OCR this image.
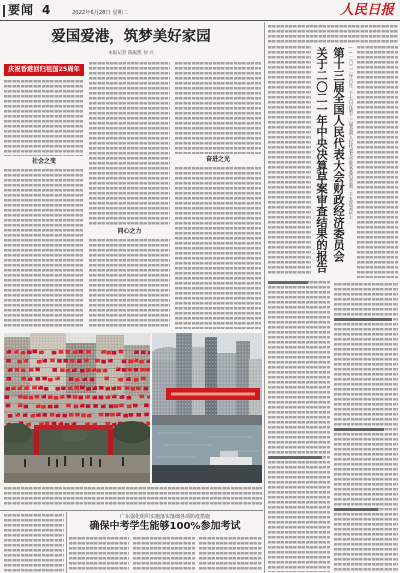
要闻 4	2022年6月28日 星期二	人民日报
爱国爱港，筑梦美好家园
本报记者 陈振凯 何 兴
庆祝香港回归祖国25周年
社会之变
同心之力
奋进之光
广东强化组织实施落实落细各项防疫措施
确保中考学生能够100%参加考试
关于二〇二一年中央决算草案审查结果的报告 第十三届全国人民代表大会财政经济委员会 ——二〇二二年六月二十七日在第十三届全国人民代表大会常务委员会第三十五次会议上
